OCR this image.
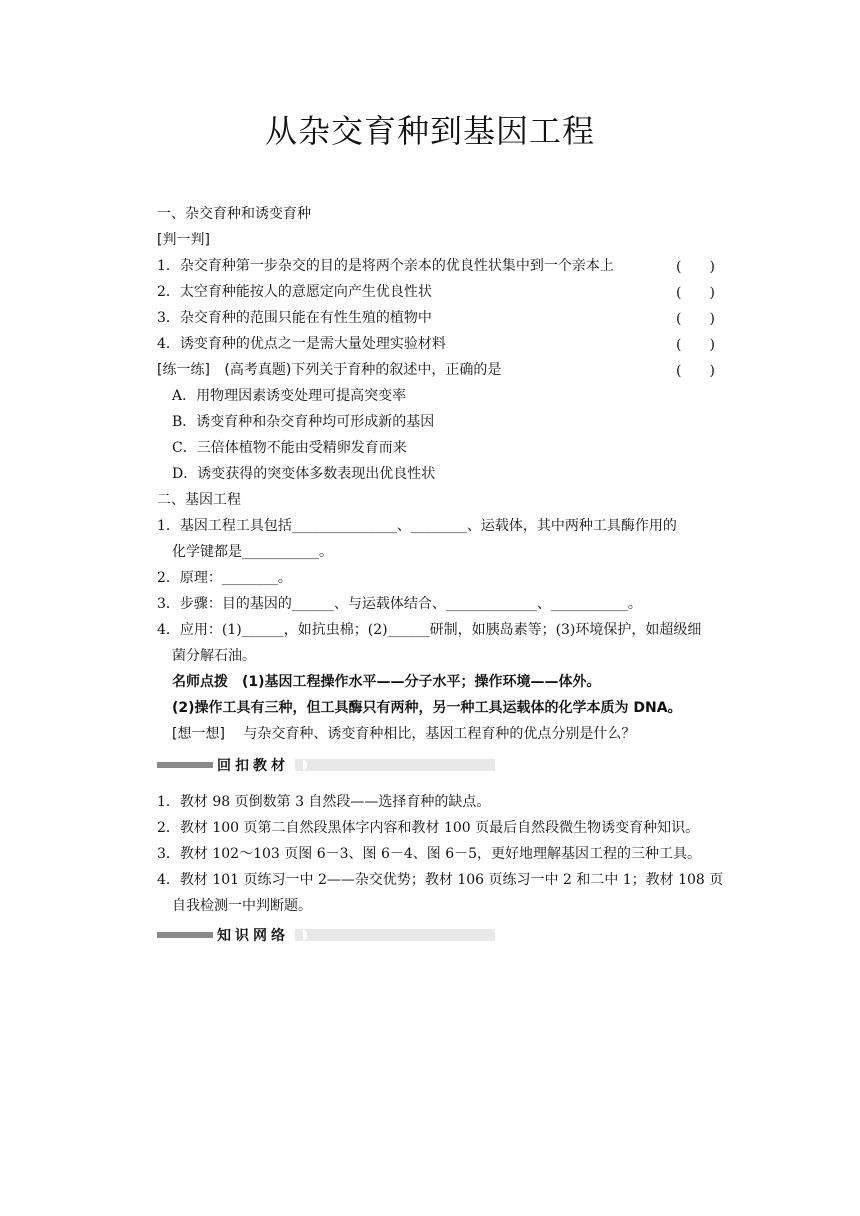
从杂交育种到基因工程
一、杂交育种和诱变育种
[判一判]
1．杂交育种第一步杂交的目的是将两个亲本的优良性状集中到一个亲本上	(　　)
2．太空育种能按人的意愿定向产生优良性状	(　　)
3．杂交育种的范围只能在有性生殖的植物中	(　　)
4．诱变育种的优点之一是需大量处理实验材料	(　　)
[练一练] (高考真题)下列关于育种的叙述中，正确的是	(　　)
A．用物理因素诱变处理可提高突变率
B．诱变育种和杂交育种均可形成新的基因
C．三倍体植物不能由受精卵发育而来
D．诱变获得的突变体多数表现出优良性状
二、基因工程
1．基因工程工具包括_______________、________、运载体，其中两种工具酶作用的
化学键都是___________。
2．原理：________。
3．步骤：目的基因的______、与运载体结合、_____________、___________。
4．应用：(1)______，如抗虫棉；(2)______研制，如胰岛素等；(3)环境保护，如超级细
菌分解石油。
名师点拨　(1)基因工程操作水平——分子水平；操作环境——体外。
(2)操作工具有三种，但工具酶只有两种，另一种工具运载体的化学本质为 DNA。
[想一想] 与杂交育种、诱变育种相比，基因工程育种的优点分别是什么？
回扣教材
1．教材 98 页倒数第 3 自然段——选择育种的缺点。
2．教材 100 页第二自然段黑体字内容和教材 100 页最后自然段微生物诱变育种知识。
3．教材 102～103 页图 6－3、图 6－4、图 6－5，更好地理解基因工程的三种工具。
4．教材 101 页练习一中 2——杂交优势；教材 106 页练习一中 2 和二中 1；教材 108 页
自我检测一中判断题。
知识网络
